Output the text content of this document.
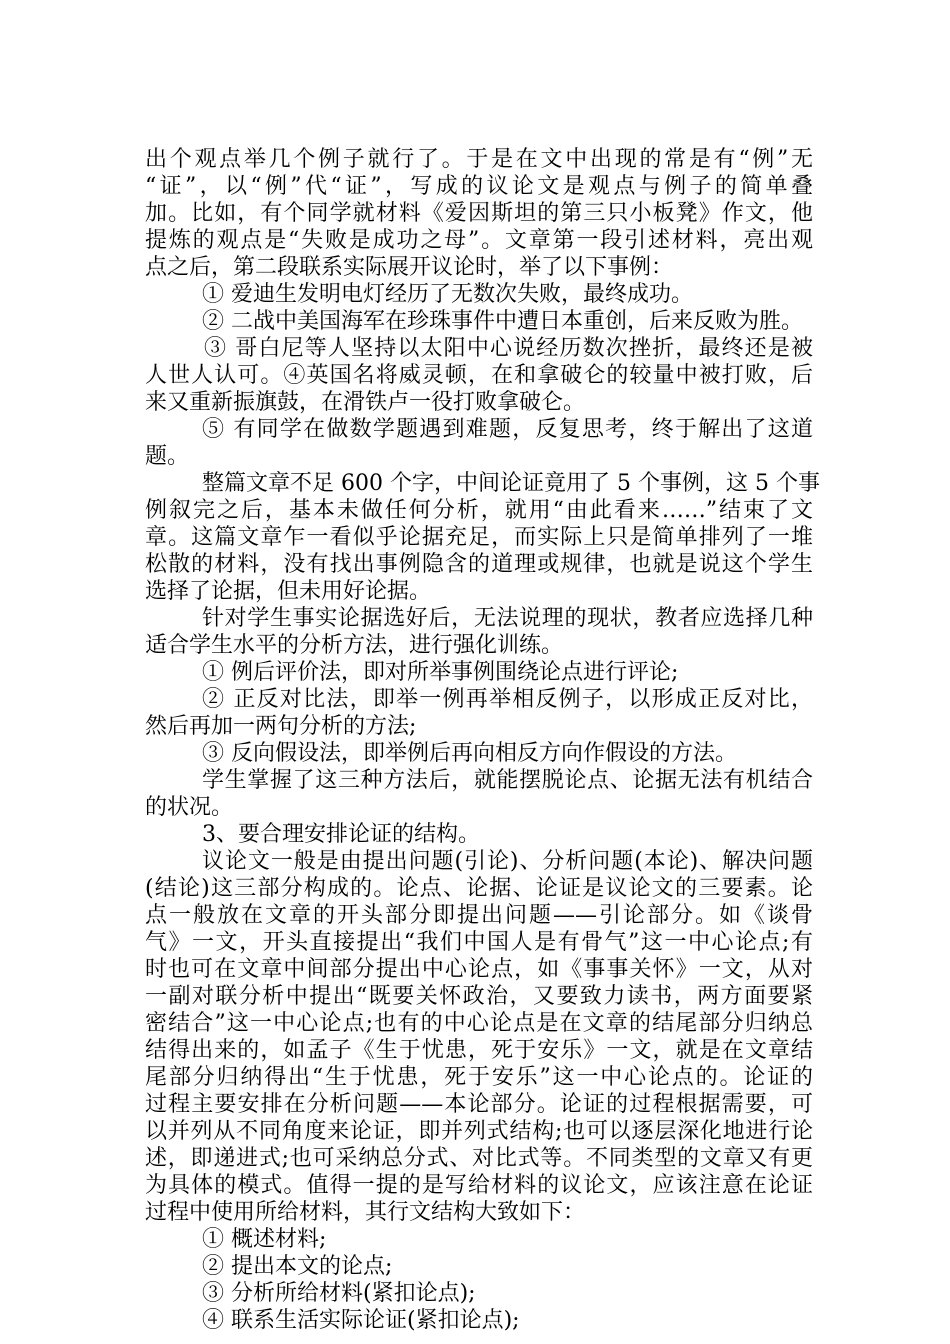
出个观点举几个例子就行了。于是在文中出现的常是有“例”无
“证”，以“例”代“证”，写成的议论文是观点与例子的简单叠
加。比如，有个同学就材料《爱因斯坦的第三只小板凳》作文，他
提炼的观点是“失败是成功之母”。文章第一段引述材料，亮出观
点之后，第二段联系实际展开议论时，举了以下事例：
① 爱迪生发明电灯经历了无数次失败，最终成功。
② 二战中美国海军在珍珠事件中遭日本重创，后来反败为胜。
③ 哥白尼等人坚持以太阳中心说经历数次挫折，最终还是被
人世人认可。④英国名将威灵顿，在和拿破仑的较量中被打败，后
来又重新振旗鼓，在滑铁卢一役打败拿破仑。
⑤ 有同学在做数学题遇到难题，反复思考，终于解出了这道
题。
整篇文章不足 600 个字，中间论证竟用了 5 个事例，这 5 个事
例叙完之后，基本未做任何分析，就用“由此看来……”结束了文
章。这篇文章乍一看似乎论据充足，而实际上只是简单排列了一堆
松散的材料，没有找出事例隐含的道理或规律，也就是说这个学生
选择了论据，但未用好论据。
针对学生事实论据选好后，无法说理的现状，教者应选择几种
适合学生水平的分析方法，进行强化训练。
① 例后评价法，即对所举事例围绕论点进行评论;
② 正反对比法，即举一例再举相反例子，以形成正反对比，
然后再加一两句分析的方法;
③ 反向假设法，即举例后再向相反方向作假设的方法。
学生掌握了这三种方法后，就能摆脱论点、论据无法有机结合
的状况。
3、要合理安排论证的结构。
议论文一般是由提出问题(引论)、分析问题(本论)、解决问题
(结论)这三部分构成的。论点、论据、论证是议论文的三要素。论
点一般放在文章的开头部分即提出问题——引论部分。如《谈骨
气》一文，开头直接提出“我们中国人是有骨气”这一中心论点;有
时也可在文章中间部分提出中心论点，如《事事关怀》一文，从对
一副对联分析中提出“既要关怀政治，又要致力读书，两方面要紧
密结合”这一中心论点;也有的中心论点是在文章的结尾部分归纳总
结得出来的，如孟子《生于忧患，死于安乐》一文，就是在文章结
尾部分归纳得出“生于忧患，死于安乐”这一中心论点的。论证的
过程主要安排在分析问题——本论部分。论证的过程根据需要，可
以并列从不同角度来论证，即并列式结构;也可以逐层深化地进行论
述，即递进式;也可采纳总分式、对比式等。不同类型的文章又有更
为具体的模式。值得一提的是写给材料的议论文，应该注意在论证
过程中使用所给材料，其行文结构大致如下：
① 概述材料;
② 提出本文的论点;
③ 分析所给材料(紧扣论点);
④ 联系生活实际论证(紧扣论点);
